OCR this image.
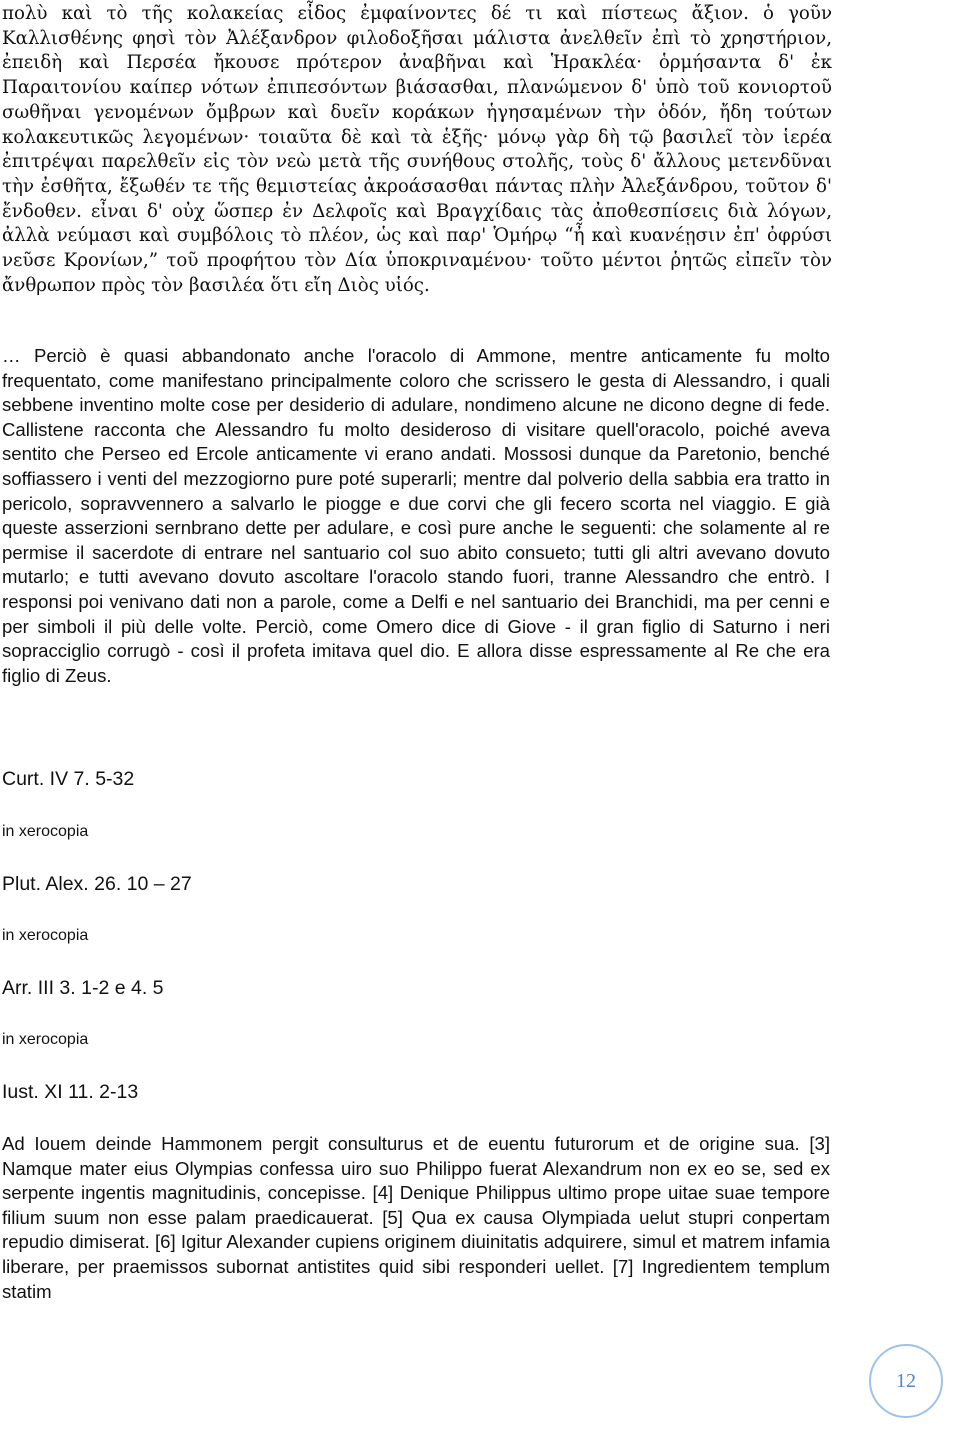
πολὺ καὶ τὸ τῆς κολακείας εἶδος ἐμφαίνοντες δέ τι καὶ πίστεως ἄξιον. ὁ γοῦν Καλλισθένης φησὶ τὸν Ἀλέξανδρον φιλοδοξῆσαι μάλιστα ἀνελθεῖν ἐπὶ τὸ χρηστήριον, ἐπειδὴ καὶ Περσέα ἤκουσε πρότερον ἀναβῆναι καὶ Ἡρακλέα· ὁρμήσαντα δ' ἐκ Παραιτονίου καίπερ νότων ἐπιπεσόντων βιάσασθαι, πλανώμενον δ' ὑπὸ τοῦ κονιορτοῦ σωθῆναι γενομένων ὄμβρων καὶ δυεῖν κοράκων ἡγησαμένων τὴν ὁδόν, ἤδη τούτων κολακευτικῶς λεγομένων· τοιαῦτα δὲ καὶ τὰ ἑξῆς· μόνῳ γὰρ δὴ τῷ βασιλεῖ τὸν ἱερέα ἐπιτρέψαι παρελθεῖν εἰς τὸν νεὼ μετὰ τῆς συνήθους στολῆς, τοὺς δ' ἄλλους μετενδῦναι τὴν ἐσθῆτα, ἔξωθέν τε τῆς θεμιστείας ἀκροάσασθαι πάντας πλὴν Ἀλεξάνδρου, τοῦτον δ' ἔνδοθεν. εἶναι δ' οὐχ ὥσπερ ἐν Δελφοῖς καὶ Βραγχίδαις τὰς ἀποθεσπίσεις διὰ λόγων, ἀλλὰ νεύμασι καὶ συμβόλοις τὸ πλέον, ὡς καὶ παρ' Ὁμήρῳ “ἦ καὶ κυανέῃσιν ἐπ' ὀφρύσι νεῦσε Κρονίων,” τοῦ προφήτου τὸν Δία ὑποκριναμένου· τοῦτο μέντοι ῥητῶς εἰπεῖν τὸν ἄνθρωπον πρὸς τὸν βασιλέα ὅτι εἴη Διὸς υἱός.

… Perciò è quasi abbandonato anche l'oracolo di Ammone, mentre anticamente fu molto frequentato, come manifestano principalmente coloro che scrissero le gesta di Alessandro, i quali sebbene inventino molte cose per desiderio di adulare, nondimeno alcune ne dicono degne di fede. Callistene racconta che Alessandro fu molto desideroso di visitare quell'oracolo, poiché aveva sentito che Perseo ed Ercole anticamente vi erano andati. Mossosi dunque da Paretonio, benché soffiassero i venti del mezzogiorno pure poté superarli; mentre dal polverio della sabbia era tratto in pericolo, sopravvennero a salvarlo le piogge e due corvi che gli fecero scorta nel viaggio. E già queste asserzioni sernbrano dette per adulare, e così pure anche le seguenti: che solamente al re permise il sacerdote di entrare nel santuario col suo abito consueto; tutti gli altri avevano dovuto mutarlo; e tutti avevano dovuto ascoltare l'oracolo stando fuori, tranne Alessandro che entrò. I responsi poi venivano dati non a parole, come a Delfi e nel santuario dei Branchidi, ma per cenni e per simboli il più delle volte. Perciò, come Omero dice di Giove - il gran figlio di Saturno i neri sopracciglio corrugò - così il profeta imitava quel dio. E allora disse espressamente al Re che era figlio di Zeus.

Curt. IV 7. 5-32

in xerocopia

Plut. Alex. 26. 10 – 27

in xerocopia

Arr. III 3. 1-2 e 4. 5

in xerocopia

Iust. XI 11. 2-13

Ad Iouem deinde Hammonem pergit consulturus et de euentu futurorum et de origine sua. [3] Namque mater eius Olympias confessa uiro suo Philippo fuerat Alexandrum non ex eo se, sed ex serpente ingentis magnitudinis, concepisse. [4] Denique Philippus ultimo prope uitae suae tempore filium suum non esse palam praedicauerat. [5] Qua ex causa Olympiada uelut stupri conpertam repudio dimiserat. [6] Igitur Alexander cupiens originem diuinitatis adquirere, simul et matrem infamia liberare, per praemissos subornat antistites quid sibi responderi uellet. [7] Ingredientem templum statim

12
